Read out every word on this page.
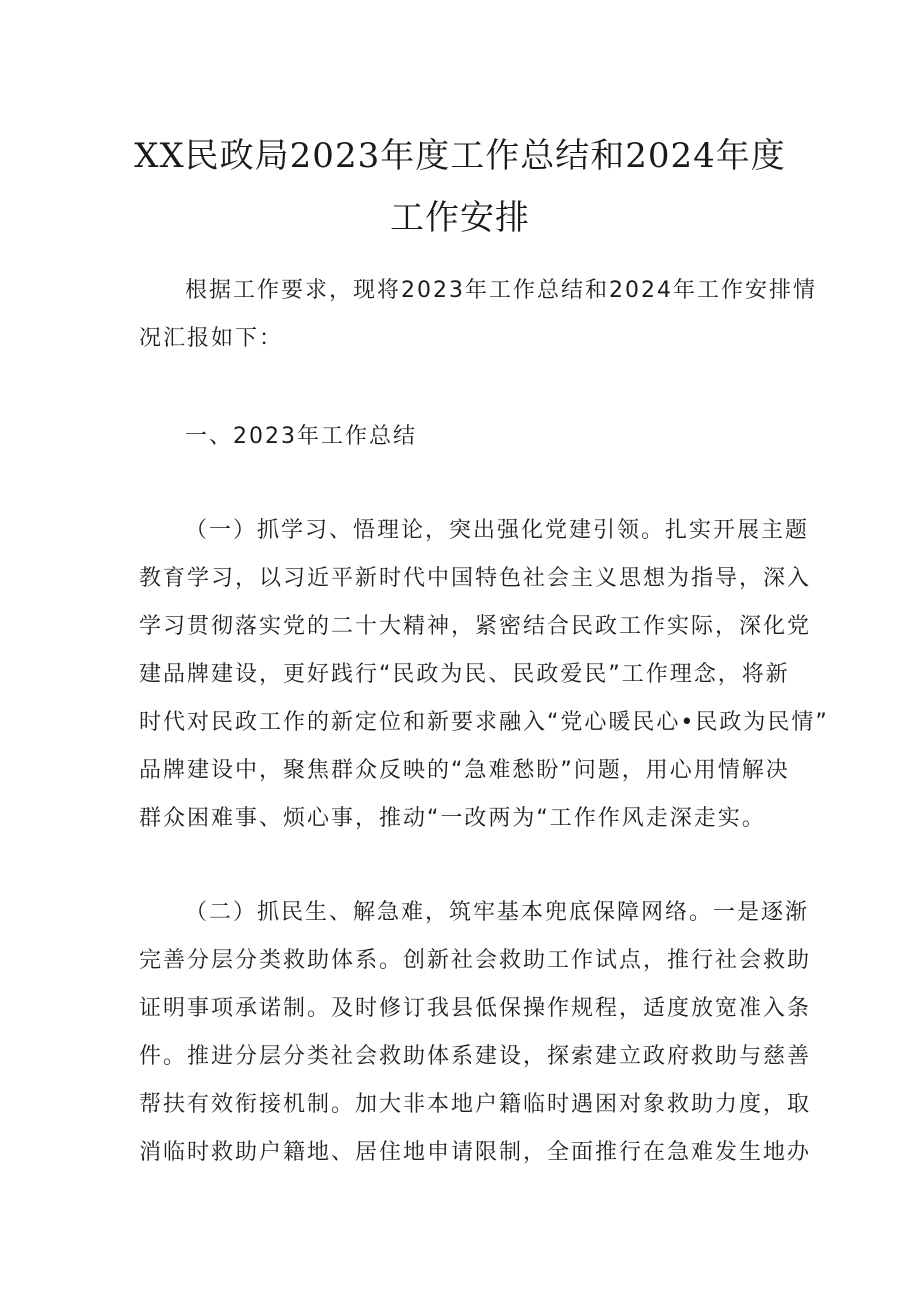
XX民政局2023年度工作总结和2024年度
工作安排
根据工作要求，现将2023年工作总结和2024年工作安排情
况汇报如下：
一、2023年工作总结
（一）抓学习、悟理论，突出强化党建引领。扎实开展主题
教育学习，以习近平新时代中国特色社会主义思想为指导，深入
学习贯彻落实党的二十大精神，紧密结合民政工作实际，深化党
建品牌建设，更好践行“民政为民、民政爱民”工作理念，将新
时代对民政工作的新定位和新要求融入“党心暖民心•民政为民情”
品牌建设中，聚焦群众反映的“急难愁盼”问题，用心用情解决
群众困难事、烦心事，推动“一改两为“工作作风走深走实。
（二）抓民生、解急难，筑牢基本兜底保障网络。一是逐渐
完善分层分类救助体系。创新社会救助工作试点，推行社会救助
证明事项承诺制。及时修订我县低保操作规程，适度放宽准入条
件。推进分层分类社会救助体系建设，探索建立政府救助与慈善
帮扶有效衔接机制。加大非本地户籍临时遇困对象救助力度，取
消临时救助户籍地、居住地申请限制，全面推行在急难发生地办
